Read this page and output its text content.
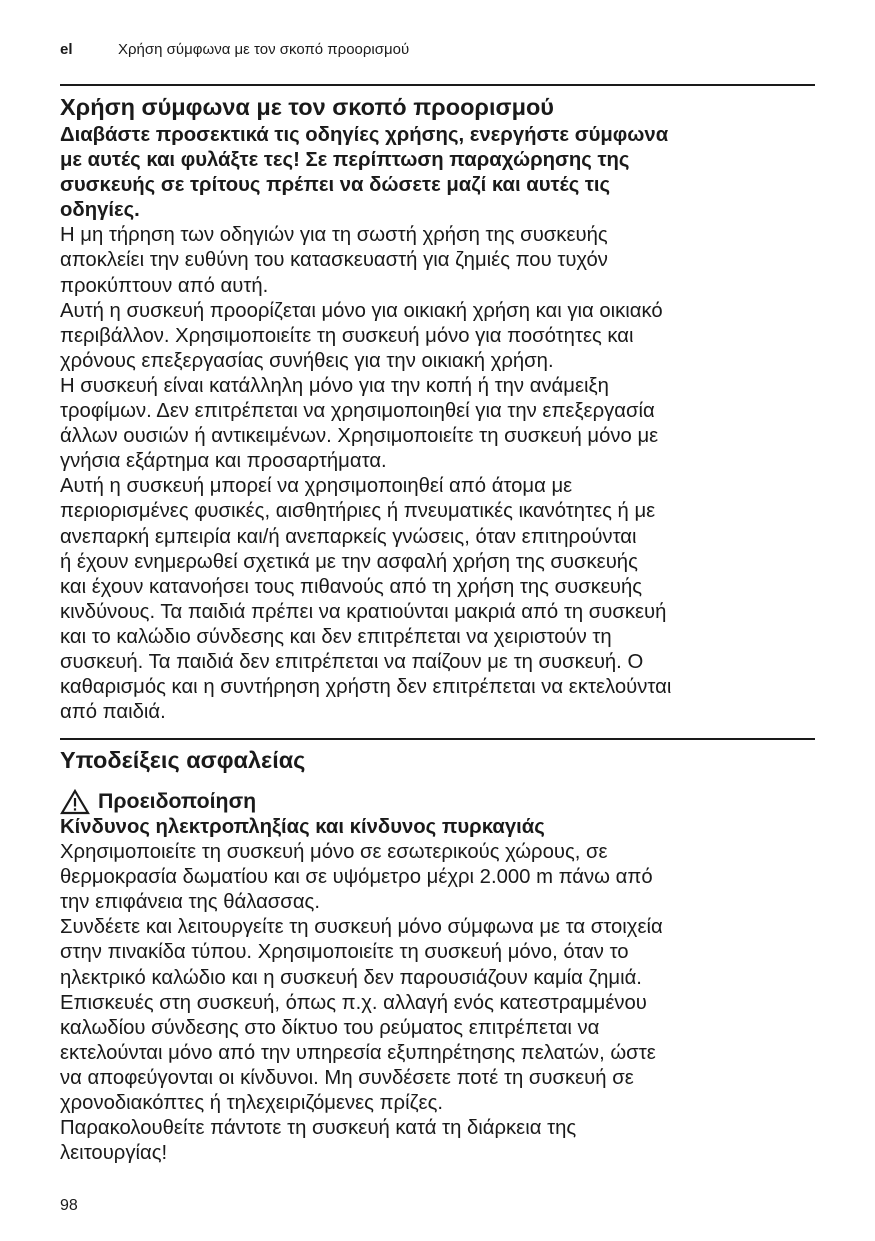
el	Χρήση σύμφωνα με τον σκοπό προορισμού
Χρήση σύμφωνα με τον σκοπό προορισμού
Διαβάστε προσεκτικά τις οδηγίες χρήσης, ενεργήστε σύμφωνα
με αυτές και φυλάξτε τες! Σε περίπτωση παραχώρησης της
συσκευής σε τρίτους πρέπει να δώσετε μαζί και αυτές τις
οδηγίες.
Η μη τήρηση των οδηγιών για τη σωστή χρήση της συσκευής
αποκλείει την ευθύνη του κατασκευαστή για ζημιές που τυχόν
προκύπτουν από αυτή.
Αυτή η συσκευή προορίζεται μόνο για οικιακή χρήση και για οικιακό
περιβάλλον. Χρησιμοποιείτε τη συσκευή μόνο για ποσότητες και
χρόνους επεξεργασίας συνήθεις για την οικιακή χρήση.
Η συσκευή είναι κατάλληλη μόνο για την κοπή ή την ανάμειξη
τροφίμων. Δεν επιτρέπεται να χρησιμοποιηθεί για την επεξεργασία
άλλων ουσιών ή αντικειμένων. Χρησιμοποιείτε τη συσκευή μόνο με
γνήσια εξάρτημα και προσαρτήματα.
Αυτή η συσκευή μπορεί να χρησιμοποιηθεί από άτομα με
περιορισμένες φυσικές, αισθητήριες ή πνευματικές ικανότητες ή με
ανεπαρκή εμπειρία και/ή ανεπαρκείς γνώσεις, όταν επιτηρούνται
ή έχουν ενημερωθεί σχετικά με την ασφαλή χρήση της συσκευής
και έχουν κατανοήσει τους πιθανούς από τη χρήση της συσκευής
κινδύνους. Τα παιδιά πρέπει να κρατιούνται μακριά από τη συσκευή
και το καλώδιο σύνδεσης και δεν επιτρέπεται να χειριστούν τη
συσκευή. Τα παιδιά δεν επιτρέπεται να παίζουν με τη συσκευή. Ο
καθαρισμός και η συντήρηση χρήστη δεν επιτρέπεται να εκτελούνται
από παιδιά.
Υποδείξεις ασφαλείας
Προειδοποίηση
Κίνδυνος ηλεκτροπληξίας και κίνδυνος πυρκαγιάς
Χρησιμοποιείτε τη συσκευή μόνο σε εσωτερικούς χώρους, σε
θερμοκρασία δωματίου και σε υψόμετρο μέχρι 2.000 m πάνω από
την επιφάνεια της θάλασσας.
Συνδέετε και λειτουργείτε τη συσκευή μόνο σύμφωνα με τα στοιχεία
στην πινακίδα τύπου. Χρησιμοποιείτε τη συσκευή μόνο, όταν το
ηλεκτρικό καλώδιο και η συσκευή δεν παρουσιάζουν καμία ζημιά.
Επισκευές στη συσκευή, όπως π.χ. αλλαγή ενός κατεστραμμένου
καλωδίου σύνδεσης στο δίκτυο του ρεύματος επιτρέπεται να
εκτελούνται μόνο από την υπηρεσία εξυπηρέτησης πελατών, ώστε
να αποφεύγονται οι κίνδυνοι. Μη συνδέσετε ποτέ τη συσκευή σε
χρονοδιακόπτες ή τηλεχειριζόμενες πρίζες.
Παρακολουθείτε πάντοτε τη συσκευή κατά τη διάρκεια της
λειτουργίας!
98
